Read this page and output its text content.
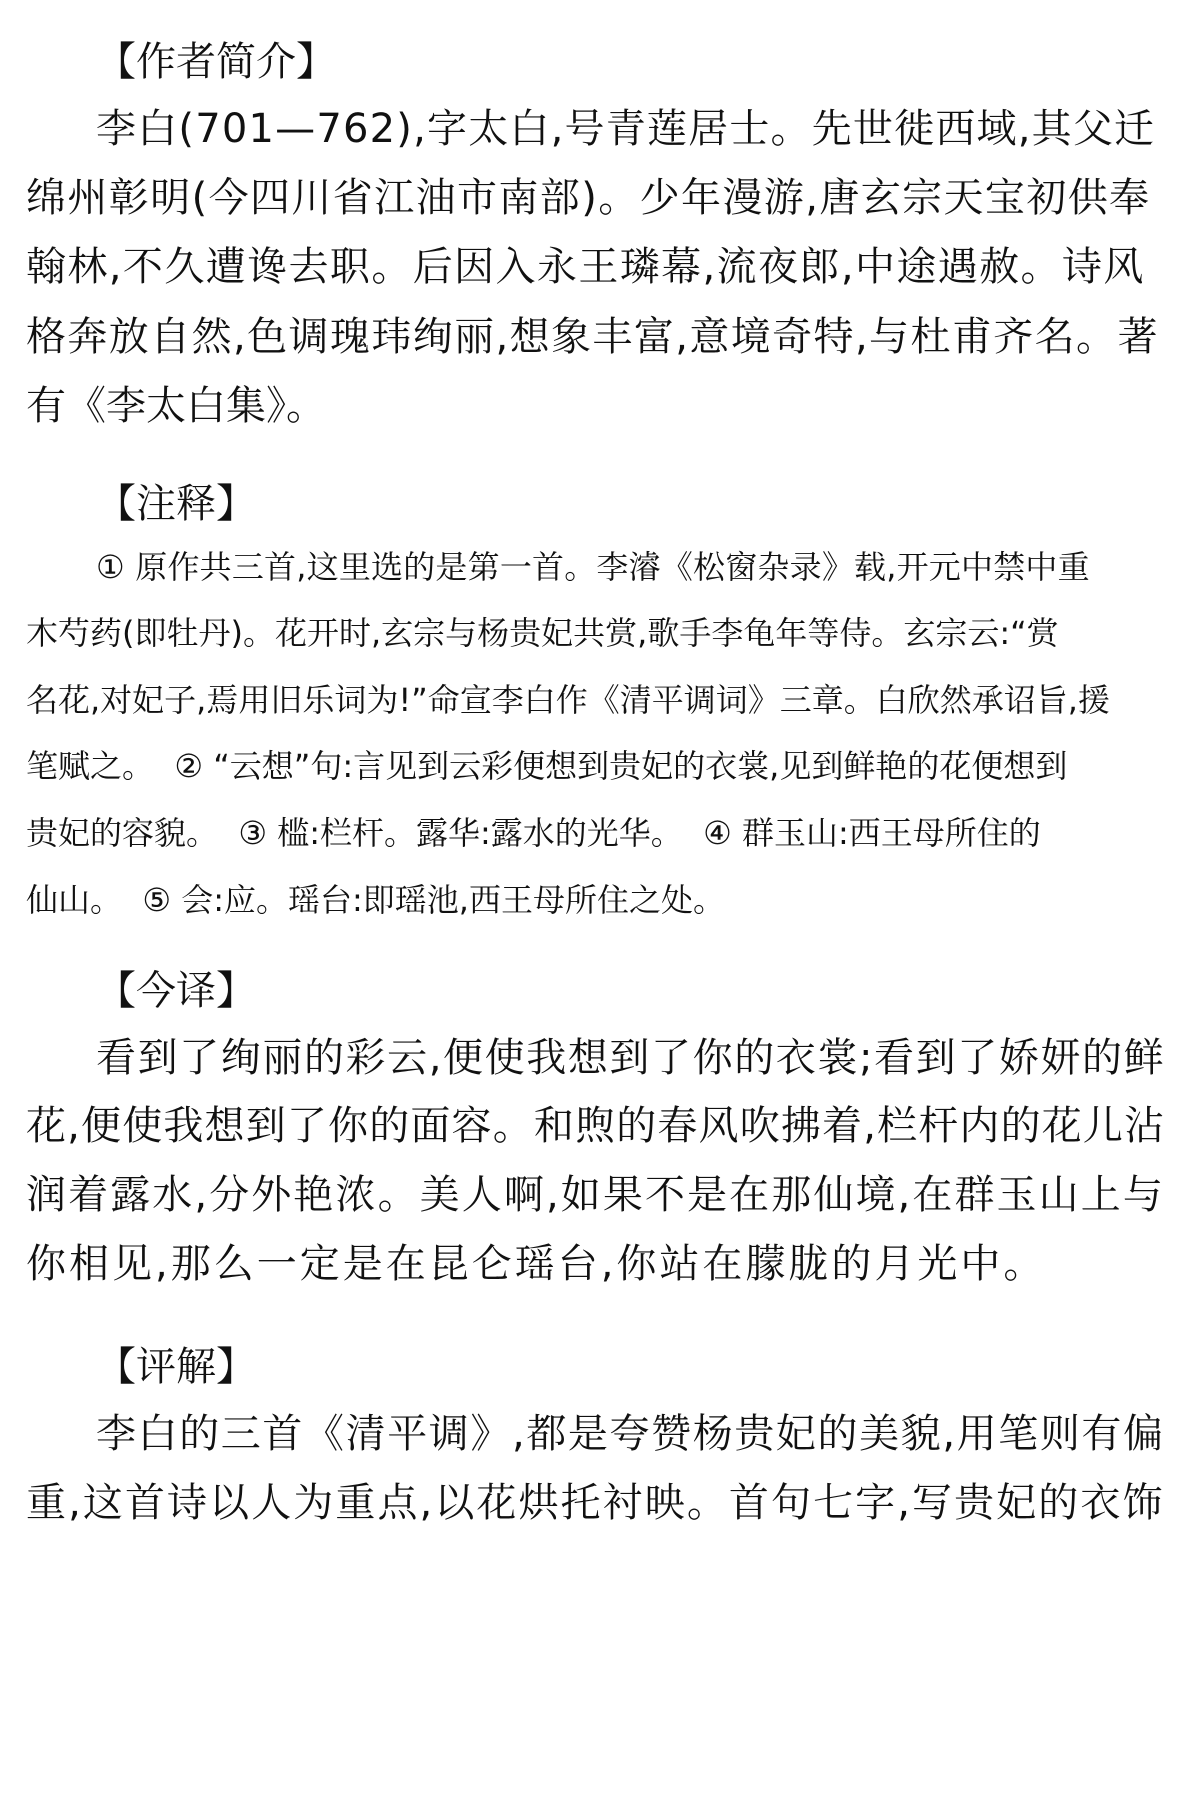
【作者简介】
李白(701—762),字太白,号青莲居士。先世徙西域,其父迁
绵州彰明(今四川省江油市南部)。少年漫游,唐玄宗天宝初供奉
翰林,不久遭谗去职。后因入永王璘幕,流夜郎,中途遇赦。诗风
格奔放自然,色调瑰玮绚丽,想象丰富,意境奇特,与杜甫齐名。著
有《李太白集》。
【注释】
① 原作共三首,这里选的是第一首。李濬《松窗杂录》载,开元中禁中重
木芍药(即牡丹)。花开时,玄宗与杨贵妃共赏,歌手李龟年等侍。玄宗云:“赏
名花,对妃子,焉用旧乐词为!”命宣李白作《清平调词》三章。白欣然承诏旨,援
笔赋之。  ② “云想”句:言见到云彩便想到贵妃的衣裳,见到鲜艳的花便想到
贵妃的容貌。  ③ 槛:栏杆。露华:露水的光华。  ④ 群玉山:西王母所住的
仙山。  ⑤ 会:应。瑶台:即瑶池,西王母所住之处。
【今译】
看到了绚丽的彩云,便使我想到了你的衣裳;看到了娇妍的鲜
花,便使我想到了你的面容。和煦的春风吹拂着,栏杆内的花儿沾
润着露水,分外艳浓。美人啊,如果不是在那仙境,在群玉山上与
你相见,那么一定是在昆仑瑶台,你站在朦胧的月光中。
【评解】
李白的三首《清平调》,都是夸赞杨贵妃的美貌,用笔则有偏
重,这首诗以人为重点,以花烘托衬映。首句七字,写贵妃的衣饰
